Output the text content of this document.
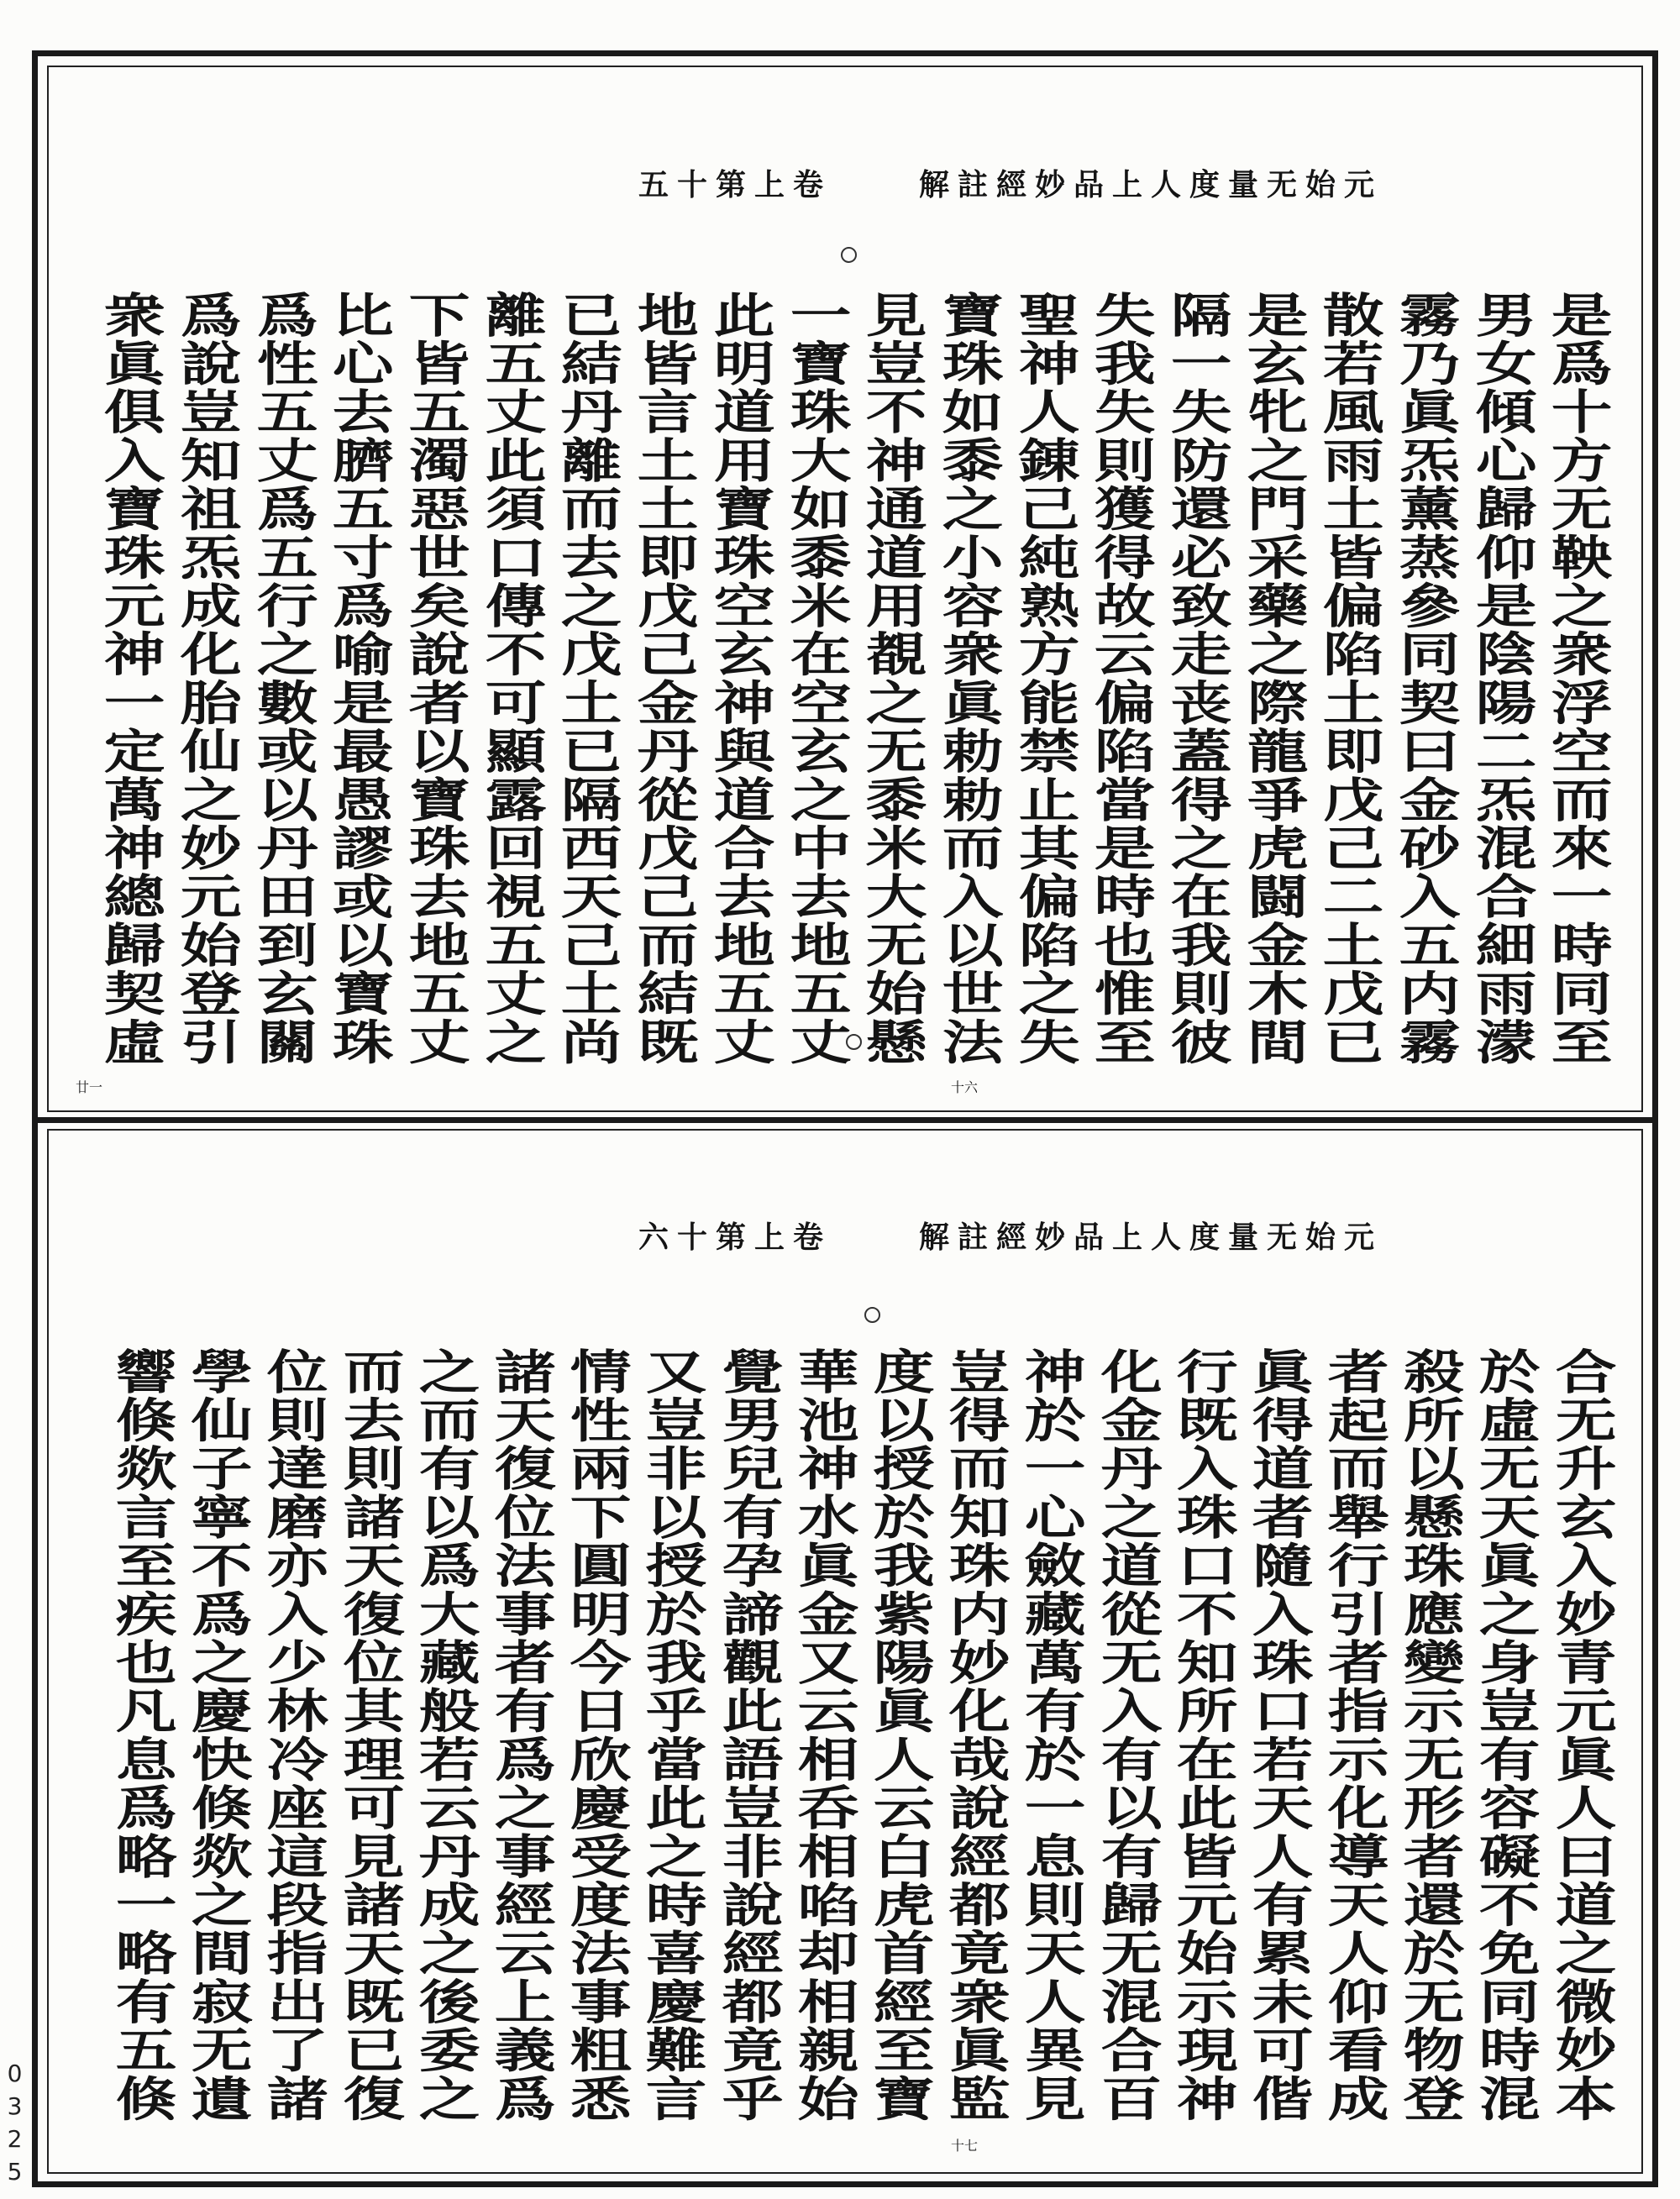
元始无量度人上品妙經註解卷上第十五
是爲十方无鞅之衆浮空而來一時同至
男女傾心歸仰是陰陽二炁混合細雨濛
霧乃眞炁薰蒸參同契曰金砂入五内霧
散若風雨土皆偏陷土即戊己二土戊已
是玄牝之門采藥之際龍爭虎闘金木間
隔一失防還必致走丧蓋得之在我則彼
失我失則獲得故云偏陷當是時也惟至
聖神人錬己純熟方能禁止其偏陷之失
寶珠如黍之小容衆眞勅勅而入以世法
見豈不神通道用覩之无黍米大无始懸
一寶珠大如黍米在空玄之中去地五丈
此明道用寶珠空玄神與道合去地五丈
地皆言土土即戊己金丹從戊己而結既
已結丹離而去之戊土已隔西天己土尚
離五丈此須口傳不可顯露回視五丈之
下皆五濁惡世矣說者以寶珠去地五丈
比心去臍五寸爲喻是最愚謬或以寶珠
爲性五丈爲五行之數或以丹田到玄關
爲說豈知祖炁成化胎仙之妙元始登引
衆眞俱入寶珠元神一定萬神總歸契虛
十六
廿一
元始无量度人上品妙經註解卷上第十六
合无升玄入妙青元眞人曰道之微妙本
於虛无天眞之身豈有容礙不免同時混
殺所以懸珠應變示无形者還於无物登
者起而舉行引者指示化導天人仰看成
眞得道者隨入珠口若天人有累未可偕
行既入珠口不知所在此皆元始示現神
化金丹之道從无入有以有歸无混合百
神於一心斂藏萬有於一息則天人異見
豈得而知珠内妙化哉說經都竟衆眞監
度以授於我紫陽眞人云白虎首經至寶
華池神水眞金又云相呑相啗却相親始
覺男兒有孕諦觀此語豈非說經都竟乎
又豈非以授於我乎當此之時喜慶難言
情性兩下圓明今日欣慶受度法事粗悉
諸天復位法事者有爲之事經云上義爲
之而有以爲大藏般若云丹成之後委之
而去則諸天復位其理可見諸天既已復
位則達磨亦入少林冷座這段指出了諸
學仙子寧不爲之慶快倏欻之間寂无遺
響倏欻言至疾也凡息爲略一略有五倏
十七
0325
